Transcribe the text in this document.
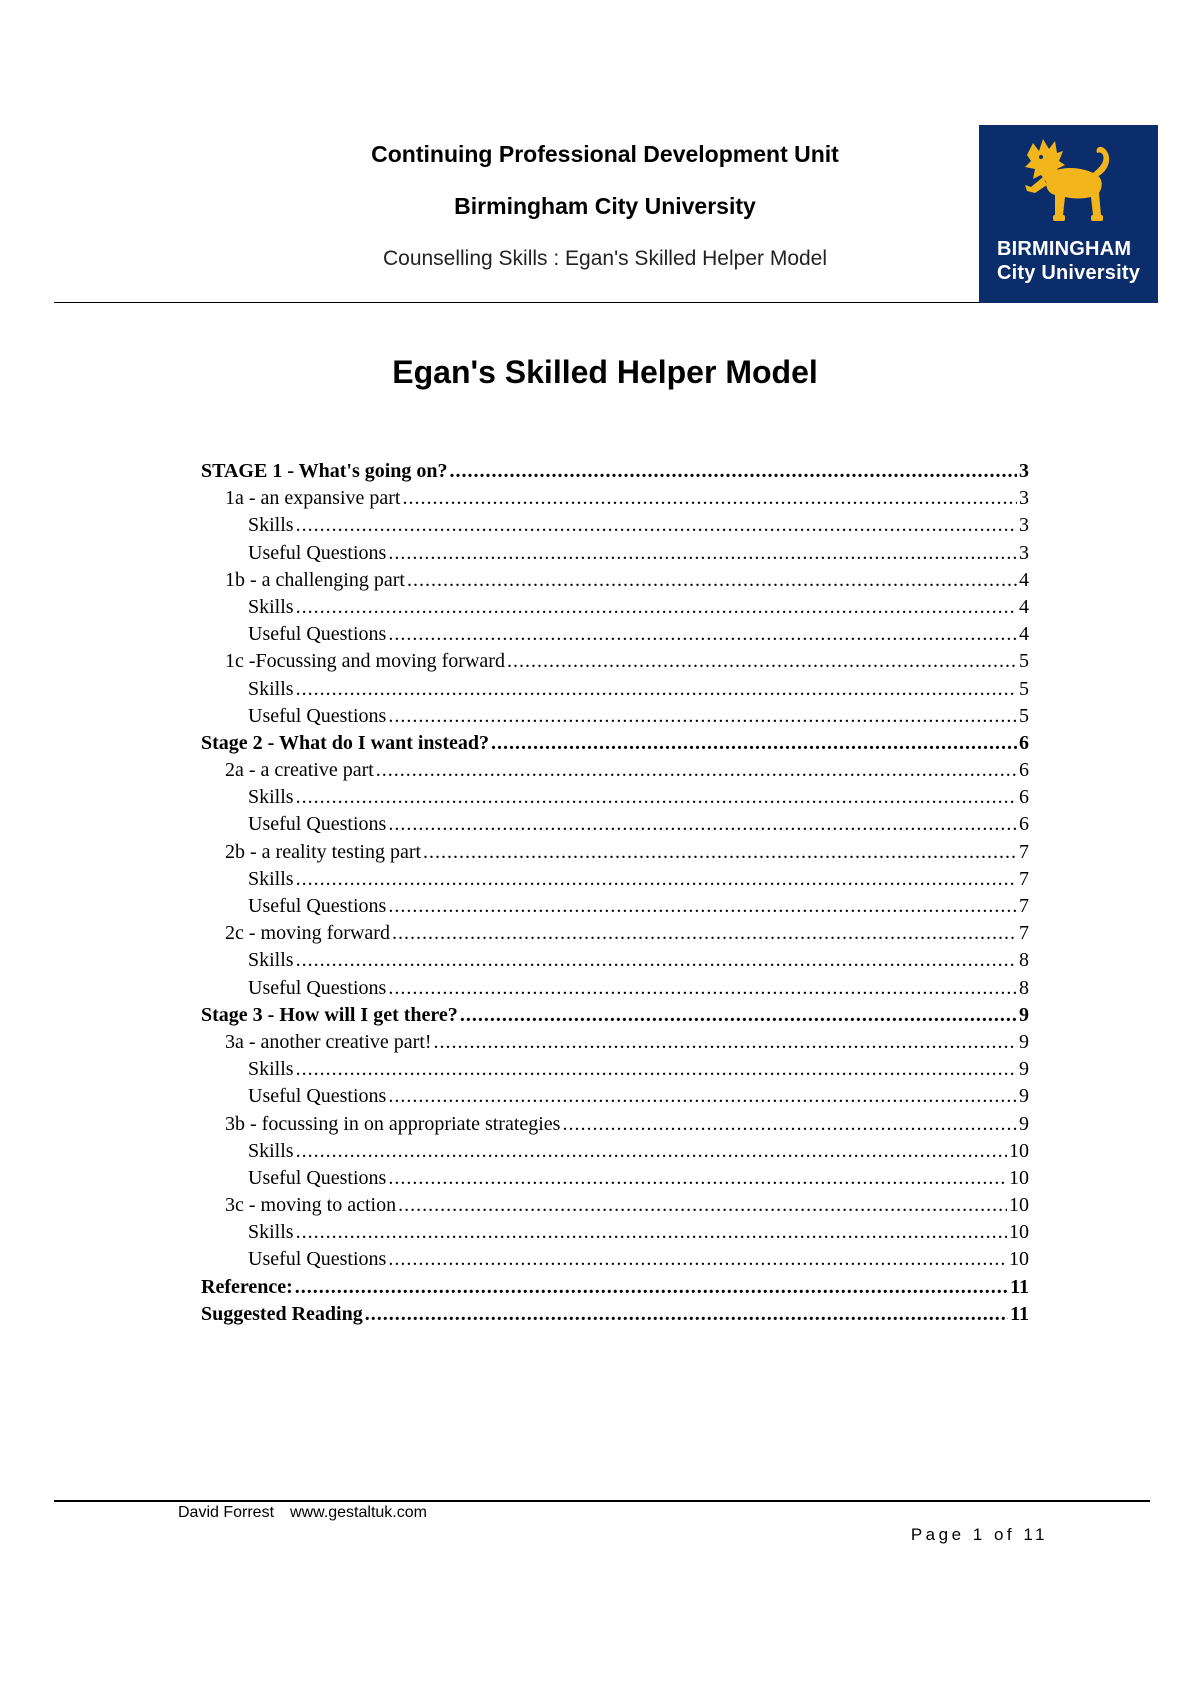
Continuing Professional Development Unit
Birmingham City University
Counselling Skills : Egan's Skilled Helper Model	BIRMINGHAM
City University
Egan's Skilled Helper Model
STAGE 1 - What's going on? .....	3
1a - an expansive part .....	3
Skills .....	3
Useful Questions .....	3
1b - a challenging part .....	4
Skills .....	4
Useful Questions .....	4
1c -Focussing and moving forward .....	5
Skills .....	5
Useful Questions .....	5
Stage 2 - What do I want instead? .....	6
2a - a creative part .....	6
Skills .....	6
Useful Questions .....	6
2b - a reality testing part .....	7
Skills .....	7
Useful Questions .....	7
2c - moving forward .....	7
Skills .....	8
Useful Questions .....	8
Stage 3 - How will I get there? .....	9
3a - another creative part! .....	9
Skills .....	9
Useful Questions .....	9
3b - focussing in on appropriate strategies .....	9
Skills .....	10
Useful Questions .....	10
3c - moving to action .....	10
Skills .....	10
Useful Questions .....	10
Reference: .....	11
Suggested Reading .....	11
David Forrest www.gestaltuk.com
Page 1 of 11
